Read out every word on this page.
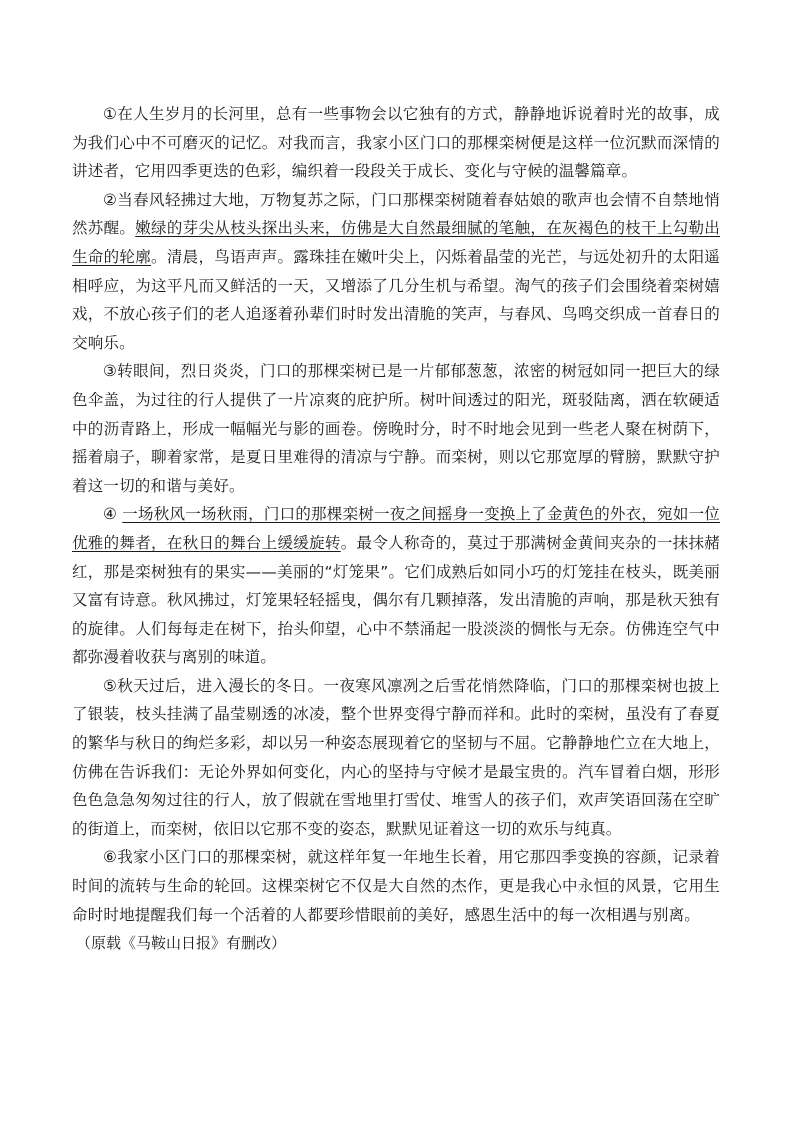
①在人生岁月的长河里，总有一些事物会以它独有的方式，静静地诉说着时光的故事，成为我们心中不可磨灭的记忆。对我而言，我家小区门口的那棵栾树便是这样一位沉默而深情的讲述者，它用四季更迭的色彩，编织着一段段关于成长、变化与守候的温馨篇章。

②当春风轻拂过大地，万物复苏之际，门口那棵栾树随着春姑娘的歌声也会情不自禁地悄然苏醒。嫩绿的芽尖从枝头探出头来，仿佛是大自然最细腻的笔触，在灰褐色的枝干上勾勒出生命的轮廓。清晨，鸟语声声。露珠挂在嫩叶尖上，闪烁着晶莹的光芒，与远处初升的太阳遥相呼应，为这平凡而又鲜活的一天，又增添了几分生机与希望。淘气的孩子们会围绕着栾树嬉戏，不放心孩子们的老人追逐着孙辈们时时发出清脆的笑声，与春风、鸟鸣交织成一首春日的交响乐。

③转眼间，烈日炎炎，门口的那棵栾树已是一片郁郁葱葱，浓密的树冠如同一把巨大的绿色伞盖，为过往的行人提供了一片凉爽的庇护所。树叶间透过的阳光，斑驳陆离，洒在软硬适中的沥青路上，形成一幅幅光与影的画卷。傍晚时分，时不时地会见到一些老人聚在树荫下，摇着扇子，聊着家常，是夏日里难得的清凉与宁静。而栾树，则以它那宽厚的臂膀，默默守护着这一切的和谐与美好。

④ 一场秋风一场秋雨，门口的那棵栾树一夜之间摇身一变换上了金黄色的外衣，宛如一位优雅的舞者，在秋日的舞台上缓缓旋转。最令人称奇的，莫过于那满树金黄间夹杂的一抹抹赭红，那是栾树独有的果实——美丽的“灯笼果”。它们成熟后如同小巧的灯笼挂在枝头，既美丽又富有诗意。秋风拂过，灯笼果轻轻摇曳，偶尔有几颗掉落，发出清脆的声响，那是秋天独有的旋律。人们每每走在树下，抬头仰望，心中不禁涌起一股淡淡的惆怅与无奈。仿佛连空气中都弥漫着收获与离别的味道。

⑤秋天过后，进入漫长的冬日。一夜寒风凛冽之后雪花悄然降临，门口的那棵栾树也披上了银装，枝头挂满了晶莹剔透的冰凌，整个世界变得宁静而祥和。此时的栾树，虽没有了春夏的繁华与秋日的绚烂多彩，却以另一种姿态展现着它的坚韧与不屈。它静静地伫立在大地上，仿佛在告诉我们：无论外界如何变化，内心的坚持与守候才是最宝贵的。汽车冒着白烟，形形色色急急匆匆过往的行人，放了假就在雪地里打雪仗、堆雪人的孩子们，欢声笑语回荡在空旷的街道上，而栾树，依旧以它那不变的姿态，默默见证着这一切的欢乐与纯真。

⑥我家小区门口的那棵栾树，就这样年复一年地生长着，用它那四季变换的容颜，记录着时间的流转与生命的轮回。这棵栾树它不仅是大自然的杰作，更是我心中永恒的风景，它用生命时时地提醒我们每一个活着的人都要珍惜眼前的美好，感恩生活中的每一次相遇与别离。

（原载《马鞍山日报》有删改）
